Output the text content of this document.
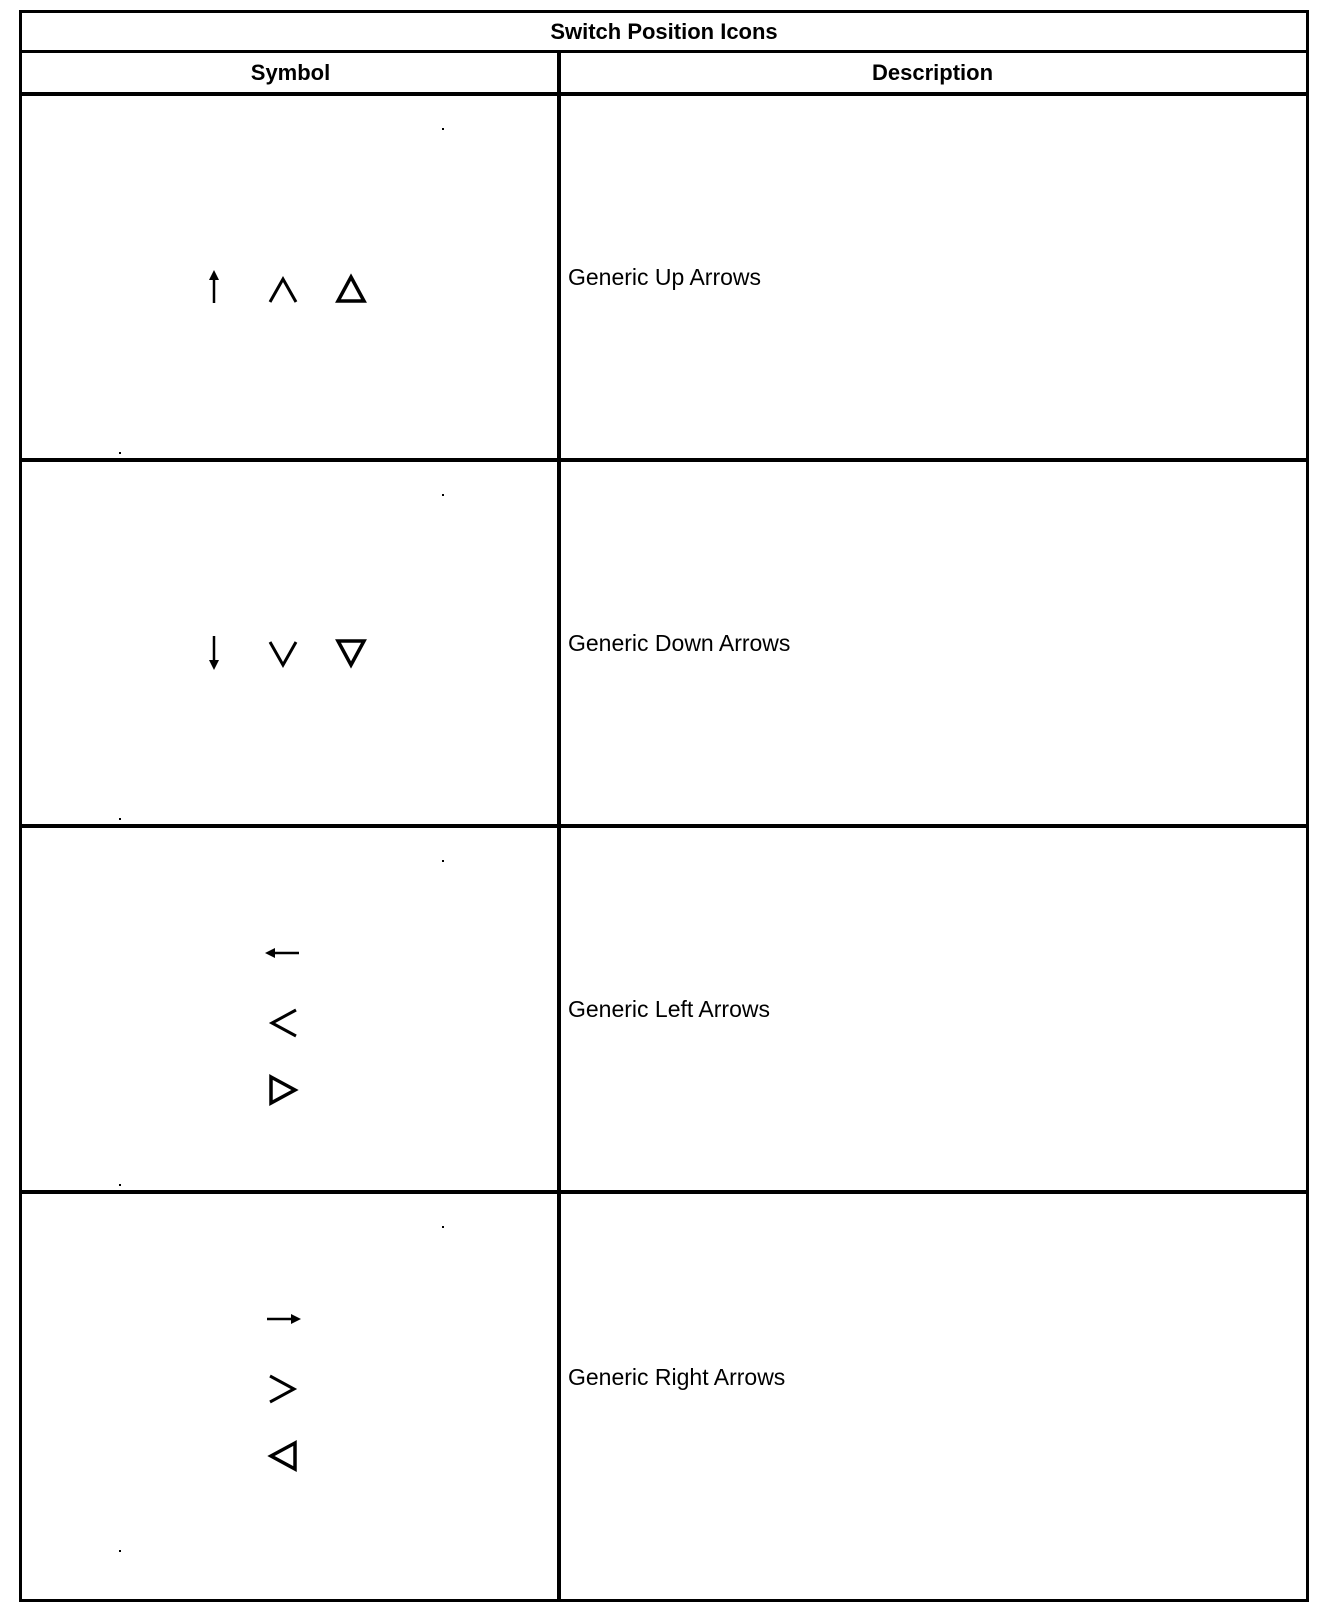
Switch Position Icons
Symbol	Description
Generic Up Arrows
Generic Down Arrows
Generic Left Arrows
Generic Right Arrows
